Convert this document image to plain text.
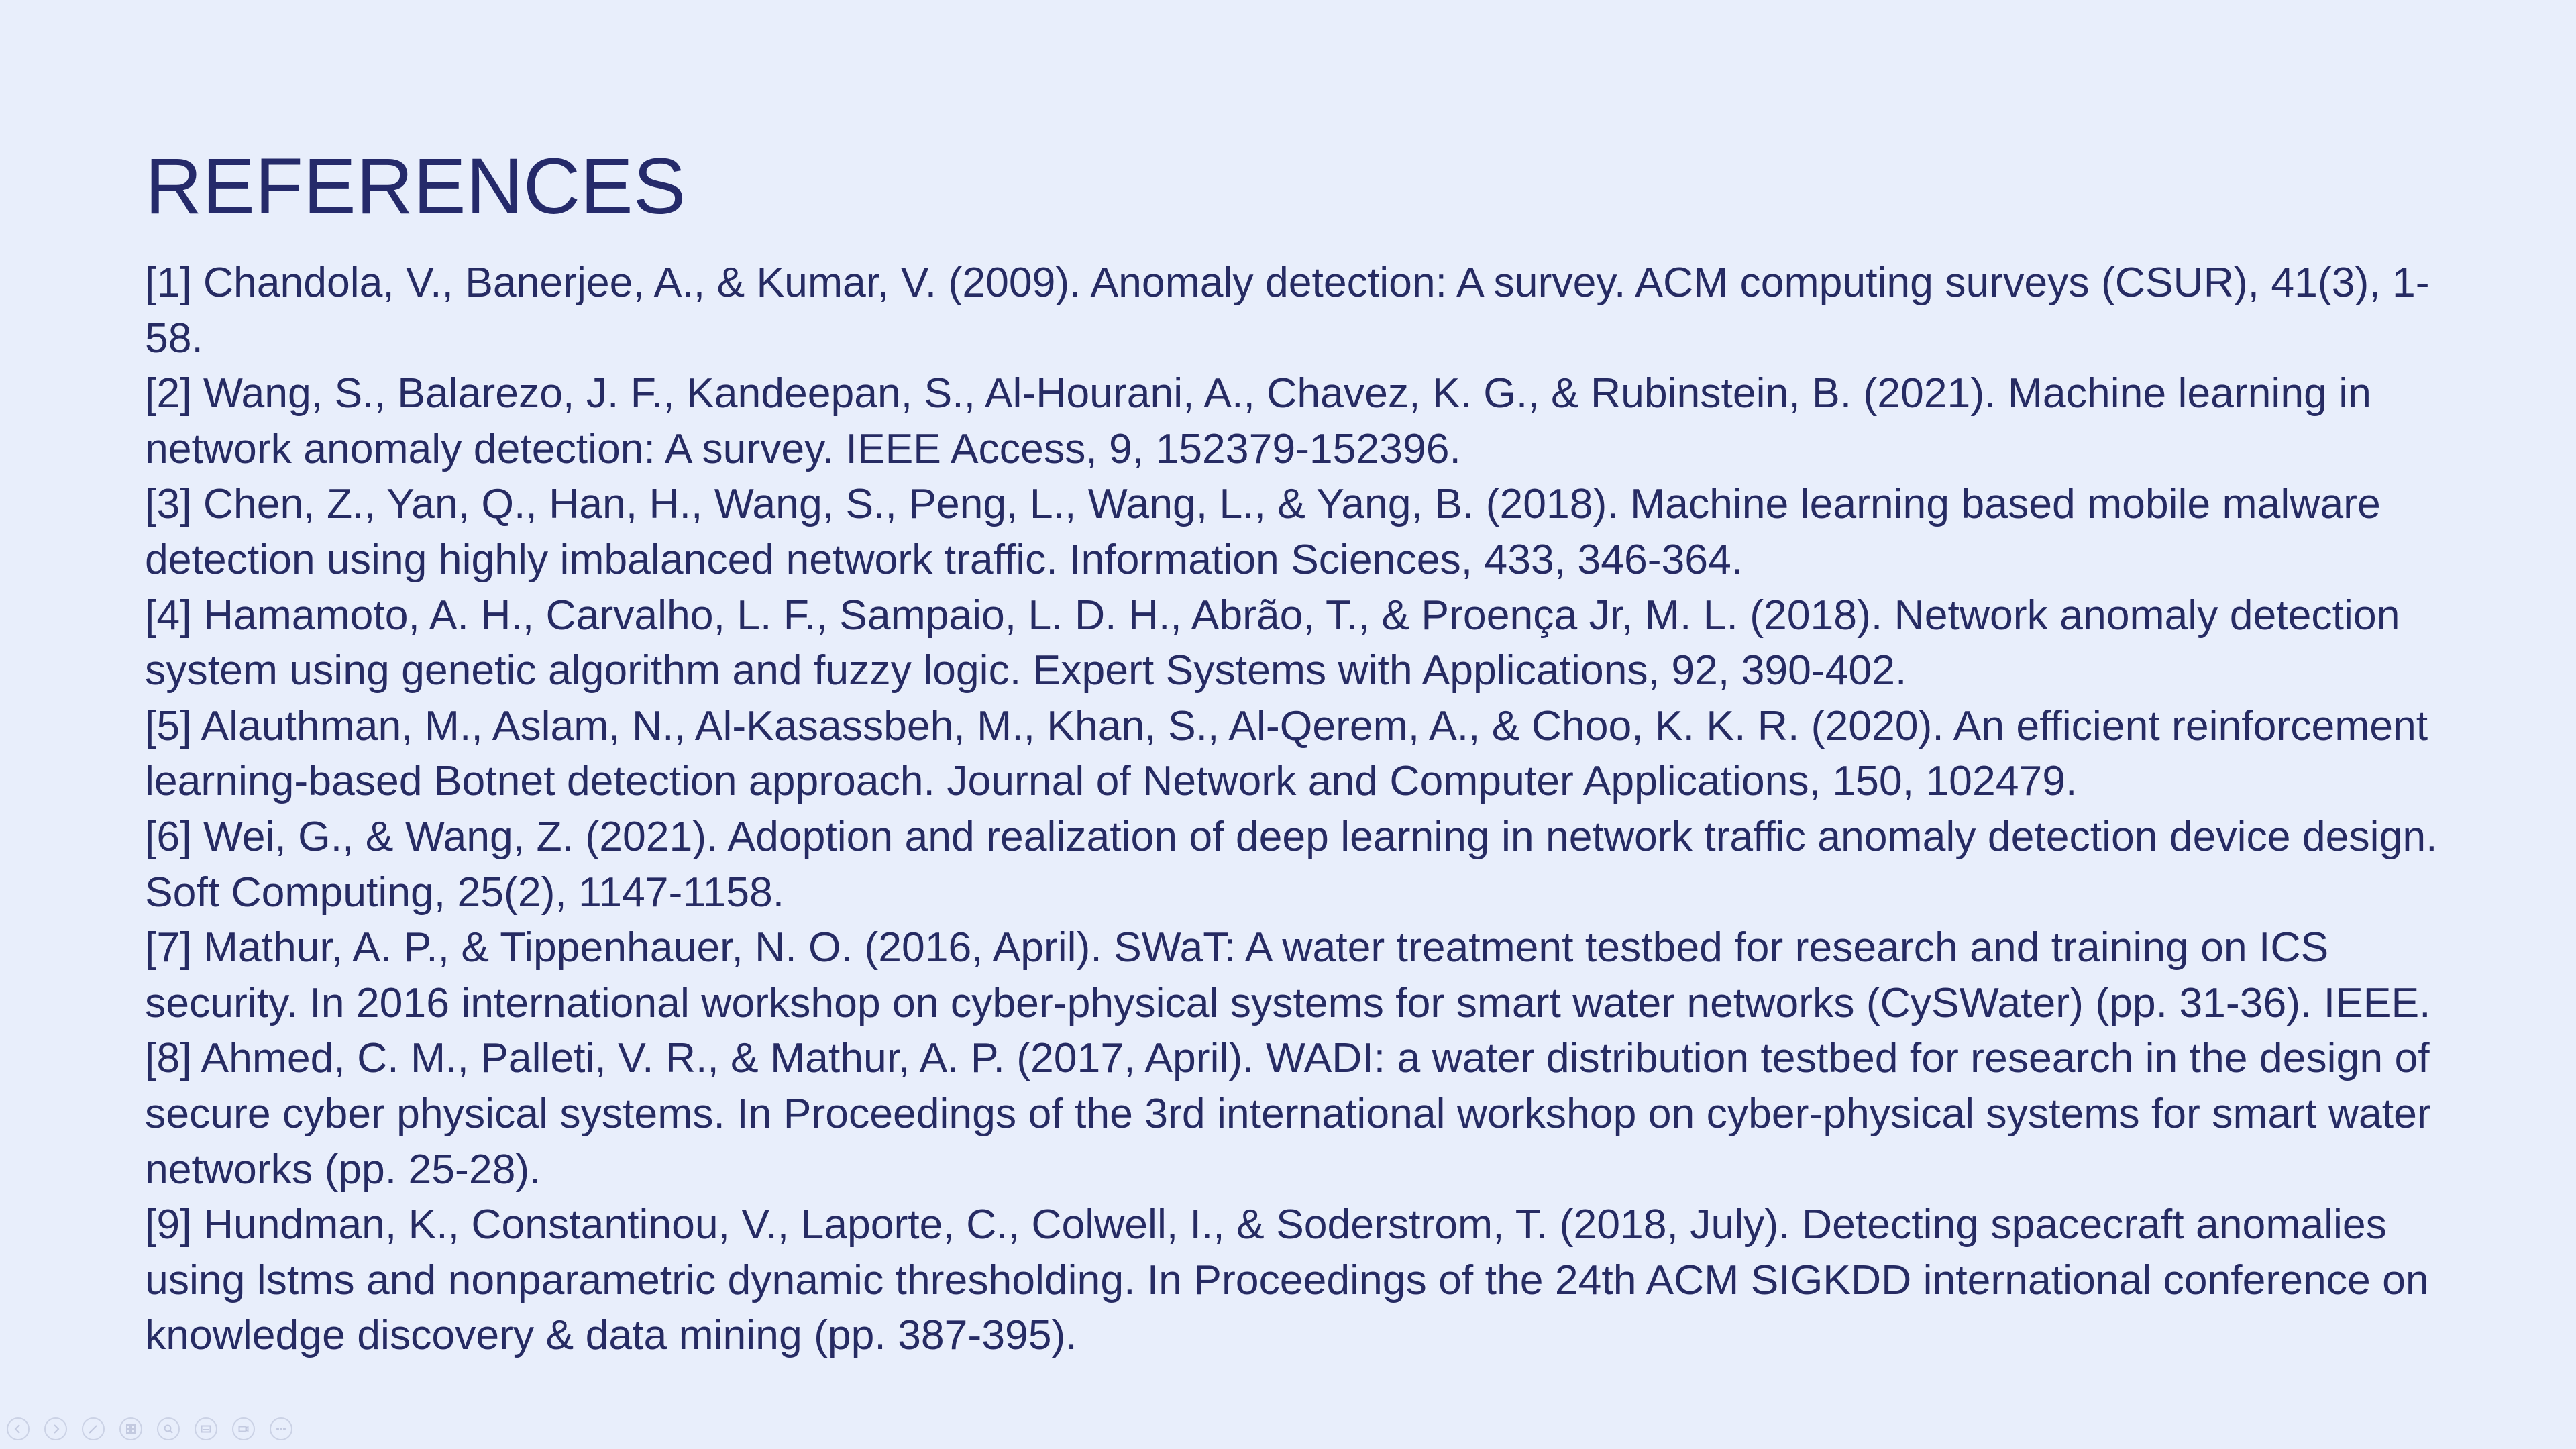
REFERENCES
[1] Chandola, V., Banerjee, A., & Kumar, V. (2009). Anomaly detection: A survey. ACM computing surveys (CSUR), 41(3), 1-58.
[2] Wang, S., Balarezo, J. F., Kandeepan, S., Al-Hourani, A., Chavez, K. G., & Rubinstein, B. (2021). Machine learning in network anomaly detection: A survey. IEEE Access, 9, 152379-152396.
[3] Chen, Z., Yan, Q., Han, H., Wang, S., Peng, L., Wang, L., & Yang, B. (2018). Machine learning based mobile malware detection using highly imbalanced network traffic. Information Sciences, 433, 346-364.
[4] Hamamoto, A. H., Carvalho, L. F., Sampaio, L. D. H., Abrão, T., & Proença Jr, M. L. (2018). Network anomaly detection system using genetic algorithm and fuzzy logic. Expert Systems with Applications, 92, 390-402.
[5] Alauthman, M., Aslam, N., Al-Kasassbeh, M., Khan, S., Al-Qerem, A., & Choo, K. K. R. (2020). An efficient reinforcement learning-based Botnet detection approach. Journal of Network and Computer Applications, 150, 102479.
[6] Wei, G., & Wang, Z. (2021). Adoption and realization of deep learning in network traffic anomaly detection device design. Soft Computing, 25(2), 1147-1158.
[7] Mathur, A. P., & Tippenhauer, N. O. (2016, April). SWaT: A water treatment testbed for research and training on ICS security. In 2016 international workshop on cyber-physical systems for smart water networks (CySWater) (pp. 31-36). IEEE.
[8] Ahmed, C. M., Palleti, V. R., & Mathur, A. P. (2017, April). WADI: a water distribution testbed for research in the design of secure cyber physical systems. In Proceedings of the 3rd international workshop on cyber-physical systems for smart water networks (pp. 25-28).
[9] Hundman, K., Constantinou, V., Laporte, C., Colwell, I., & Soderstrom, T. (2018, July). Detecting spacecraft anomalies using lstms and nonparametric dynamic thresholding. In Proceedings of the 24th ACM SIGKDD international conference on knowledge discovery & data mining (pp. 387-395).
